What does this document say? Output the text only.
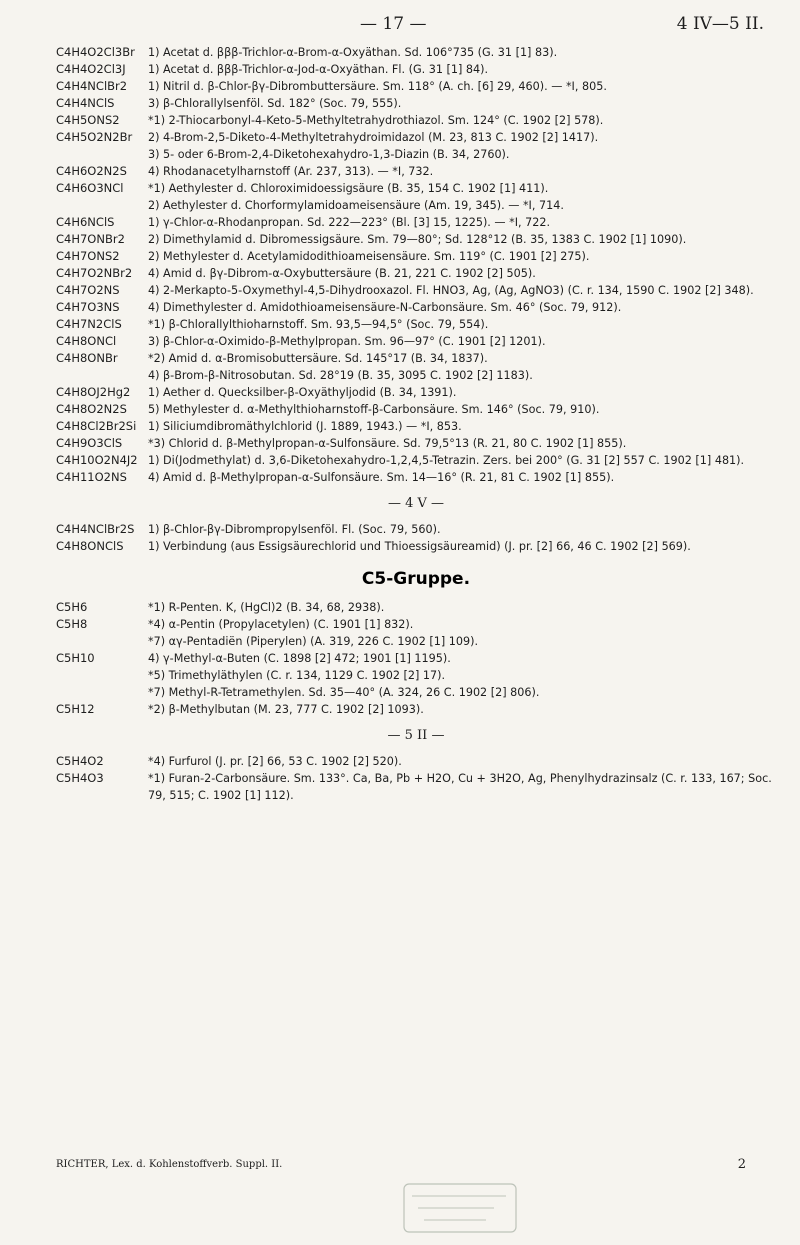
— 17 —	4 IV—5 II.
C4H4O2Cl3Br	1) Acetat d. βββ-Trichlor-α-Brom-α-Oxyäthan. Sd. 106°735 (G. 31 [1] 83).
C4H4O2Cl3J	1) Acetat d. βββ-Trichlor-α-Jod-α-Oxyäthan. Fl. (G. 31 [1] 84).
C4H4NClBr2	1) Nitril d. β-Chlor-βγ-Dibrombuttersäure. Sm. 118° (A. ch. [6] 29, 460). — *I, 805.
C4H4NClS	3) β-Chlorallylsenföl. Sd. 182° (Soc. 79, 555).
C4H5ONS2	*1) 2-Thiocarbonyl-4-Keto-5-Methyltetrahydrothiazol. Sm. 124° (C. 1902 [2] 578).
C4H5O2N2Br	2) 4-Brom-2,5-Diketo-4-Methyltetrahydroimidazol (M. 23, 813 C. 1902 [2] 1417).
3) 5- oder 6-Brom-2,4-Diketohexahydro-1,3-Diazin (B. 34, 2760).
C4H6O2N2S	4) Rhodanacetylharnstoff (Ar. 237, 313). — *I, 732.
C4H6O3NCl	*1) Aethylester d. Chloroximidoessigsäure (B. 35, 154 C. 1902 [1] 411).
2) Aethylester d. Chorformylamidoameisensäure (Am. 19, 345). — *I, 714.
C4H6NClS	1) γ-Chlor-α-Rhodanpropan. Sd. 222—223° (Bl. [3] 15, 1225). — *I, 722.
C4H7ONBr2	2) Dimethylamid d. Dibromessigsäure. Sm. 79—80°; Sd. 128°12 (B. 35, 1383 C. 1902 [1] 1090).
C4H7ONS2	2) Methylester d. Acetylamidodithioameisensäure. Sm. 119° (C. 1901 [2] 275).
C4H7O2NBr2	4) Amid d. βγ-Dibrom-α-Oxybuttersäure (B. 21, 221 C. 1902 [2] 505).
C4H7O2NS	4) 2-Merkapto-5-Oxymethyl-4,5-Dihydrooxazol. Fl. HNO3, Ag, (Ag, AgNO3) (C. r. 134, 1590 C. 1902 [2] 348).
C4H7O3NS	4) Dimethylester d. Amidothioameisensäure-N-Carbonsäure. Sm. 46° (Soc. 79, 912).
C4H7N2ClS	*1) β-Chlorallylthioharnstoff. Sm. 93,5—94,5° (Soc. 79, 554).
C4H8ONCl	3) β-Chlor-α-Oximido-β-Methylpropan. Sm. 96—97° (C. 1901 [2] 1201).
C4H8ONBr	*2) Amid d. α-Bromisobuttersäure. Sd. 145°17 (B. 34, 1837).
4) β-Brom-β-Nitrosobutan. Sd. 28°19 (B. 35, 3095 C. 1902 [2] 1183).
C4H8OJ2Hg2	1) Aether d. Quecksilber-β-Oxyäthyljodid (B. 34, 1391).
C4H8O2N2S	5) Methylester d. α-Methylthioharnstoff-β-Carbonsäure. Sm. 146° (Soc. 79, 910).
C4H8Cl2Br2Si	1) Siliciumdibromäthylchlorid (J. 1889, 1943.) — *I, 853.
C4H9O3ClS	*3) Chlorid d. β-Methylpropan-α-Sulfonsäure. Sd. 79,5°13 (R. 21, 80 C. 1902 [1] 855).
C4H10O2N4J2 1) Di(Jodmethylat) d. 3,6-Diketohexahydro-1,2,4,5-Tetrazin. Zers. bei 200° (G. 31 [2] 557 C. 1902 [1] 481).
C4H11O2NS	4) Amid d. β-Methylpropan-α-Sulfonsäure. Sm. 14—16° (R. 21, 81 C. 1902 [1] 855).
— 4 V —
C4H4NClBr2S	1) β-Chlor-βγ-Dibrompropylsenföl. Fl. (Soc. 79, 560).
C4H8ONClS	1) Verbindung (aus Essigsäurechlorid und Thioessigsäureamid) (J. pr. [2] 66, 46 C. 1902 [2] 569).
C5-Gruppe.
C5H6	*1) R-Penten. K, (HgCl)2 (B. 34, 68, 2938).
C5H8	*4) α-Pentin (Propylacetylen) (C. 1901 [1] 832).
*7) αγ-Pentadiën (Piperylen) (A. 319, 226 C. 1902 [1] 109).
C5H10	4) γ-Methyl-α-Buten (C. 1898 [2] 472; 1901 [1] 1195).
*5) Trimethyläthylen (C. r. 134, 1129 C. 1902 [2] 17).
*7) Methyl-R-Tetramethylen. Sd. 35—40° (A. 324, 26 C. 1902 [2] 806).
C5H12	*2) β-Methylbutan (M. 23, 777 C. 1902 [2] 1093).
— 5 II —
C5H4O2	*4) Furfurol (J. pr. [2] 66, 53 C. 1902 [2] 520).
C5H4O3	*1) Furan-2-Carbonsäure. Sm. 133°. Ca, Ba, Pb + H2O, Cu + 3H2O, Ag, Phenylhydrazinsalz (C. r. 133, 167; Soc. 79, 515; C. 1902 [1] 112).
RICHTER, Lex. d. Kohlenstoffverb. Suppl. II.	2
